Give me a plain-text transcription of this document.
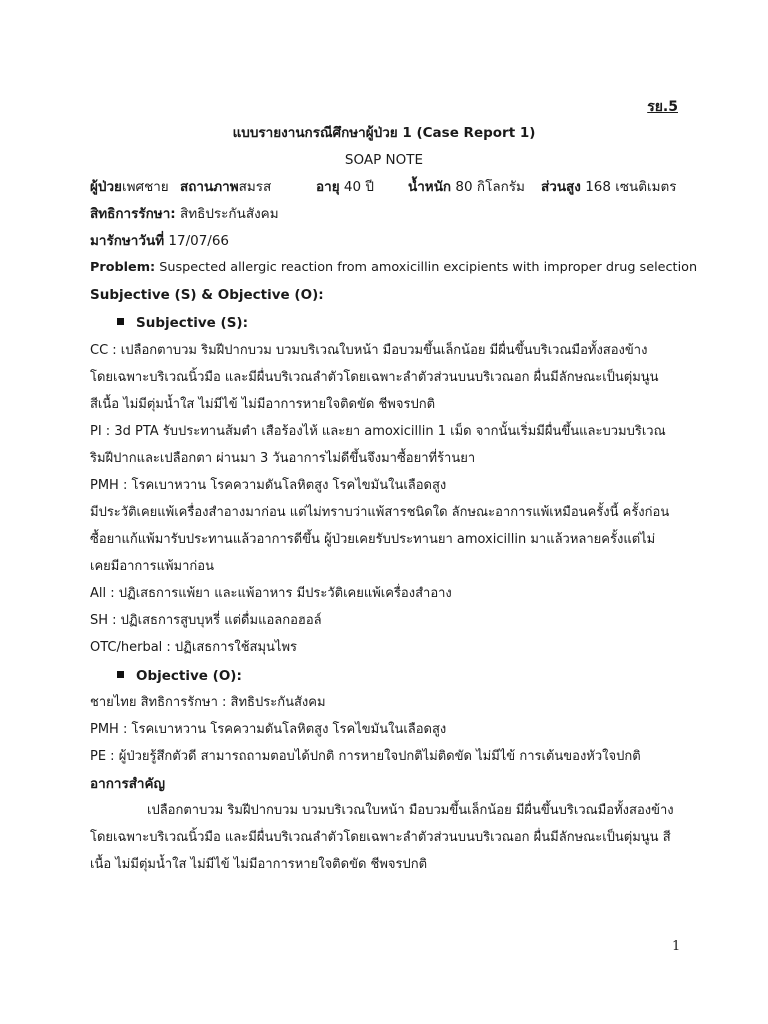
รย.5
แบบรายงานกรณีศึกษาผู้ป่วย 1 (Case Report 1)
SOAP NOTE
ผู้ป่วยเพศชาย สถานภาพสมรส	อายุ 40 ปี	น้ำหนัก 80 กิโลกรัม ส่วนสูง 168 เซนติเมตร
สิทธิการรักษา: สิทธิประกันสังคม
มารักษาวันที่ 17/07/66
Problem: Suspected allergic reaction from amoxicillin excipients with improper drug selection
Subjective (S) & Objective (O):
Subjective (S):
CC : เปลือกตาบวม ริมฝีปากบวม บวมบริเวณใบหน้า มือบวมขึ้นเล็กน้อย มีผื่นขึ้นบริเวณมือทั้งสองข้าง
โดยเฉพาะบริเวณนิ้วมือ และมีผื่นบริเวณลำตัวโดยเฉพาะลำตัวส่วนบนบริเวณอก ผื่นมีลักษณะเป็นตุ่มนูน
สีเนื้อ ไม่มีตุ่มน้ำใส ไม่มีไข้ ไม่มีอาการหายใจติดขัด ชีพจรปกติ
PI : 3d PTA รับประทานส้มตำ เสือร้องไห้ และยา amoxicillin 1 เม็ด จากนั้นเริ่มมีผื่นขึ้นและบวมบริเวณ
ริมฝีปากและเปลือกตา ผ่านมา 3 วันอาการไม่ดีขึ้นจึงมาซื้อยาที่ร้านยา
PMH : โรคเบาหวาน โรคความดันโลหิตสูง โรคไขมันในเลือดสูง
มีประวัติเคยแพ้เครื่องสำอางมาก่อน แต่ไม่ทราบว่าแพ้สารชนิดใด ลักษณะอาการแพ้เหมือนครั้งนี้ ครั้งก่อน
ซื้อยาแก้แพ้มารับประทานแล้วอาการดีขึ้น ผู้ป่วยเคยรับประทานยา amoxicillin มาแล้วหลายครั้งแต่ไม่
เคยมีอาการแพ้มาก่อน
All : ปฏิเสธการแพ้ยา และแพ้อาหาร มีประวัติเคยแพ้เครื่องสำอาง
SH : ปฏิเสธการสูบบุหรี่ แต่ดื่มแอลกอฮอล์
OTC/herbal : ปฏิเสธการใช้สมุนไพร
Objective (O):
ชายไทย สิทธิการรักษา : สิทธิประกันสังคม
PMH : โรคเบาหวาน โรคความดันโลหิตสูง โรคไขมันในเลือดสูง
PE : ผู้ป่วยรู้สึกตัวดี สามารถถามตอบได้ปกติ การหายใจปกติไม่ติดขัด ไม่มีไข้ การเต้นของหัวใจปกติ
อาการสำคัญ
เปลือกตาบวม ริมฝีปากบวม บวมบริเวณใบหน้า มือบวมขึ้นเล็กน้อย มีผื่นขึ้นบริเวณมือทั้งสองข้าง
โดยเฉพาะบริเวณนิ้วมือ และมีผื่นบริเวณลำตัวโดยเฉพาะลำตัวส่วนบนบริเวณอก ผื่นมีลักษณะเป็นตุ่มนูน สี
เนื้อ ไม่มีตุ่มน้ำใส ไม่มีไข้ ไม่มีอาการหายใจติดขัด ชีพจรปกติ
1
